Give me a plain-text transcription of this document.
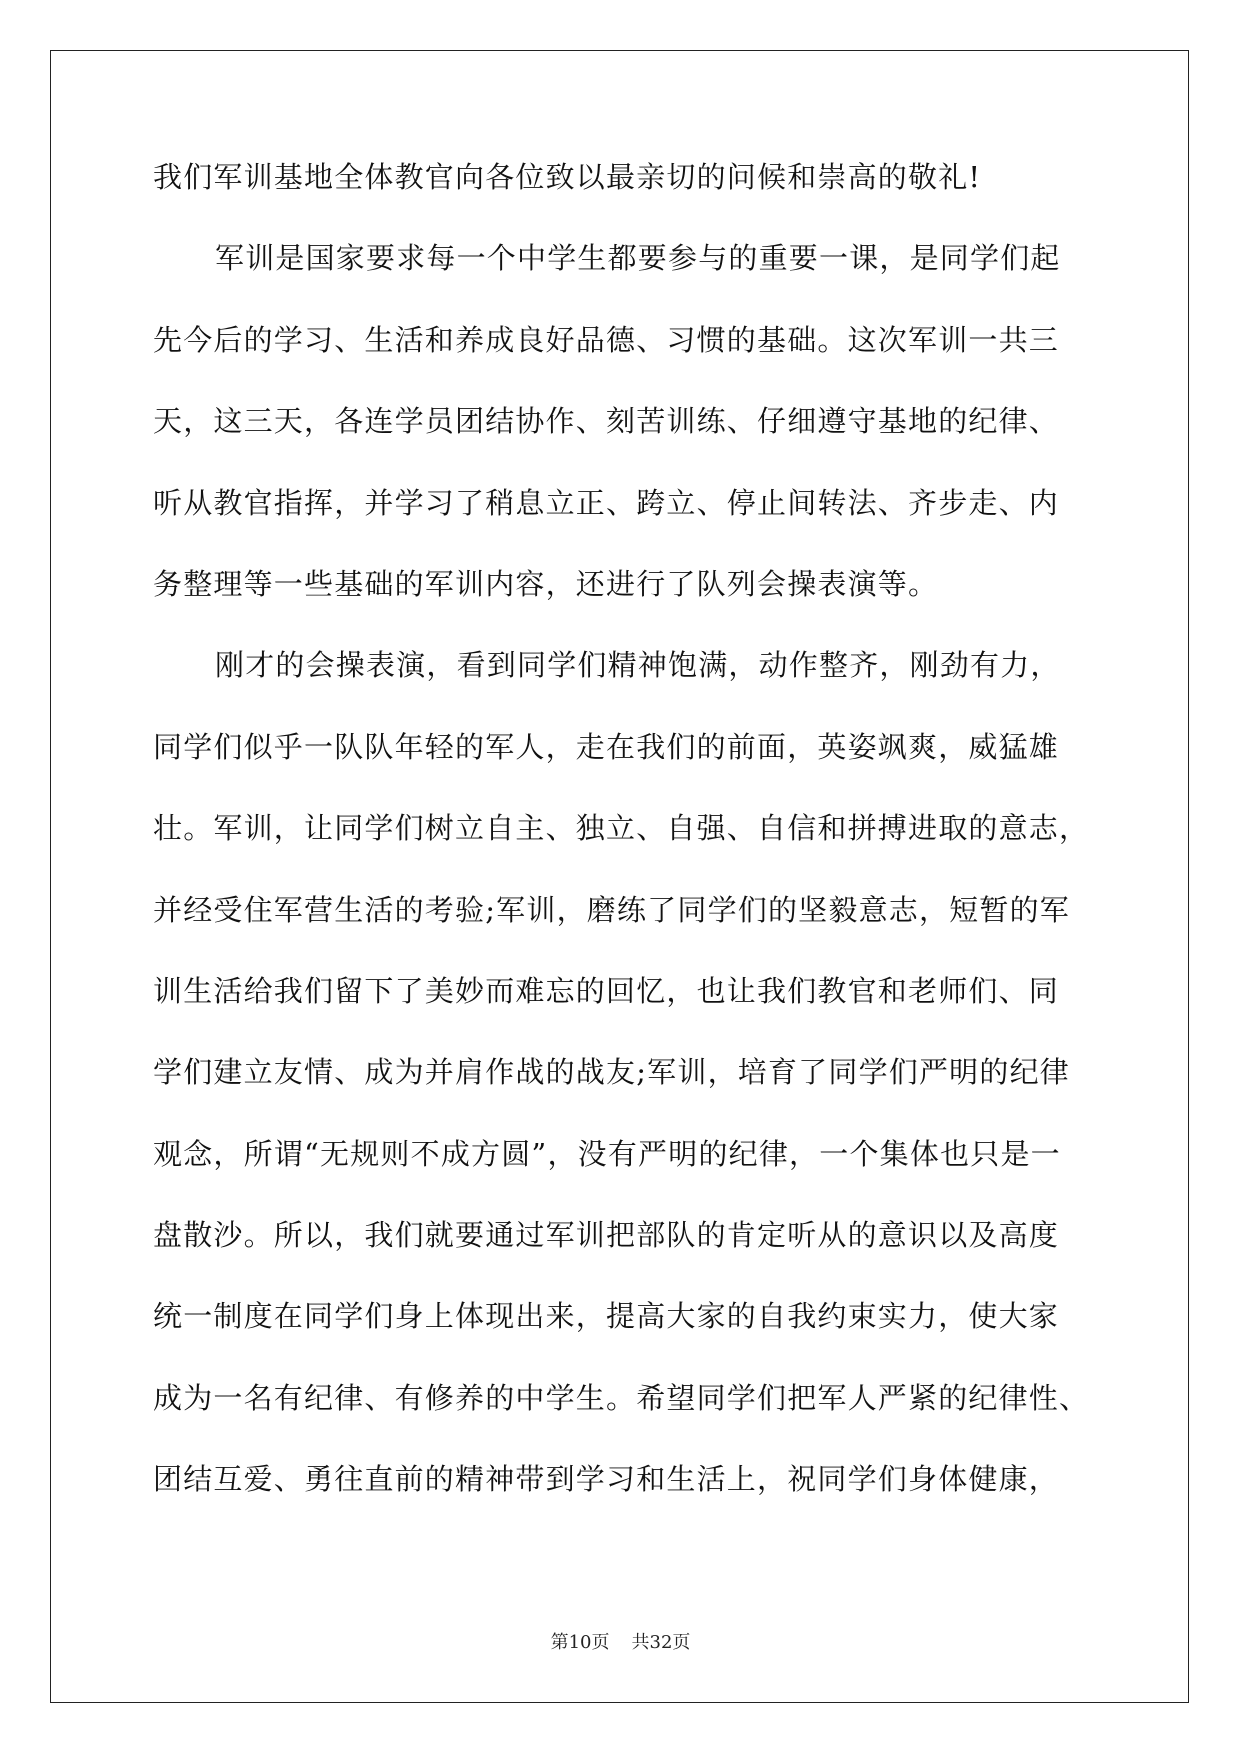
我们军训基地全体教官向各位致以最亲切的问候和崇高的敬礼!
军训是国家要求每一个中学生都要参与的重要一课，是同学们起
先今后的学习、生活和养成良好品德、习惯的基础。这次军训一共三
天，这三天，各连学员团结协作、刻苦训练、仔细遵守基地的纪律、
听从教官指挥，并学习了稍息立正、跨立、停止间转法、齐步走、内
务整理等一些基础的军训内容，还进行了队列会操表演等。
刚才的会操表演，看到同学们精神饱满，动作整齐，刚劲有力，
同学们似乎一队队年轻的军人，走在我们的前面，英姿飒爽，威猛雄
壮。军训，让同学们树立自主、独立、自强、自信和拼搏进取的意志，
并经受住军营生活的考验;军训，磨练了同学们的坚毅意志，短暂的军
训生活给我们留下了美妙而难忘的回忆，也让我们教官和老师们、同
学们建立友情、成为并肩作战的战友;军训，培育了同学们严明的纪律
观念，所谓“无规则不成方圆”，没有严明的纪律，一个集体也只是一
盘散沙。所以，我们就要通过军训把部队的肯定听从的意识以及高度
统一制度在同学们身上体现出来，提高大家的自我约束实力，使大家
成为一名有纪律、有修养的中学生。希望同学们把军人严紧的纪律性、
团结互爱、勇往直前的精神带到学习和生活上，祝同学们身体健康，
第10页 共32页
